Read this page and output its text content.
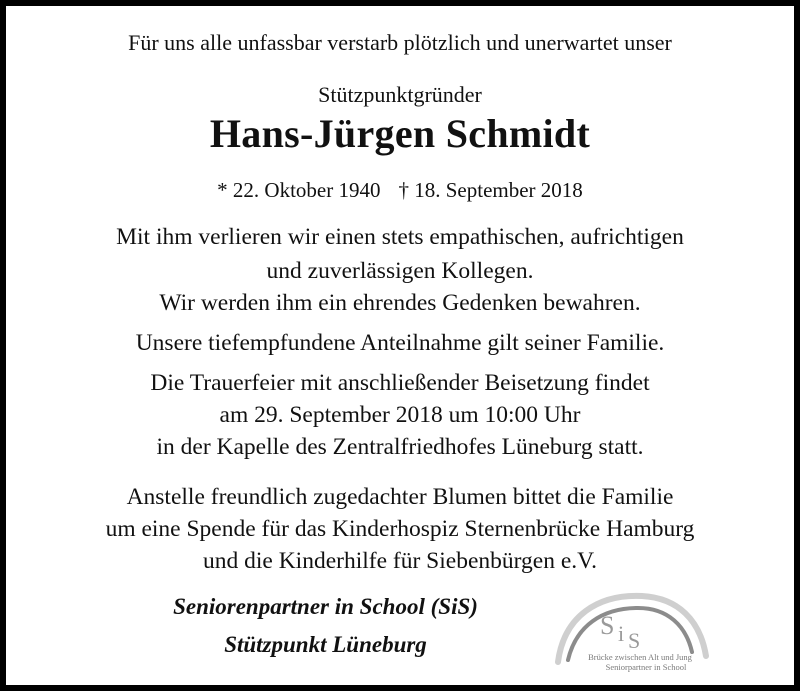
Für uns alle unfassbar verstarb plötzlich und unerwartet unser

Stützpunktgründer

Hans-Jürgen Schmidt

* 22. Oktober 1940 † 18. September 2018

Mit ihm verlieren wir einen stets empathischen, aufrichtigen

und zuverlässigen Kollegen.

Wir werden ihm ein ehrendes Gedenken bewahren.

Unsere tiefempfundene Anteilnahme gilt seiner Familie.

Die Trauerfeier mit anschließender Beisetzung findet

am 29. September 2018 um 10:00 Uhr

in der Kapelle des Zentralfriedhofes Lüneburg statt.

Anstelle freundlich zugedachter Blumen bittet die Familie

um eine Spende für das Kinderhospiz Sternenbrücke Hamburg

und die Kinderhilfe für Siebenbürgen e.V.

Seniorenpartner in School (SiS)

Stützpunkt Lüneburg

S i S
Brücke zwischen Alt und Jung
Seniorpartner in School
